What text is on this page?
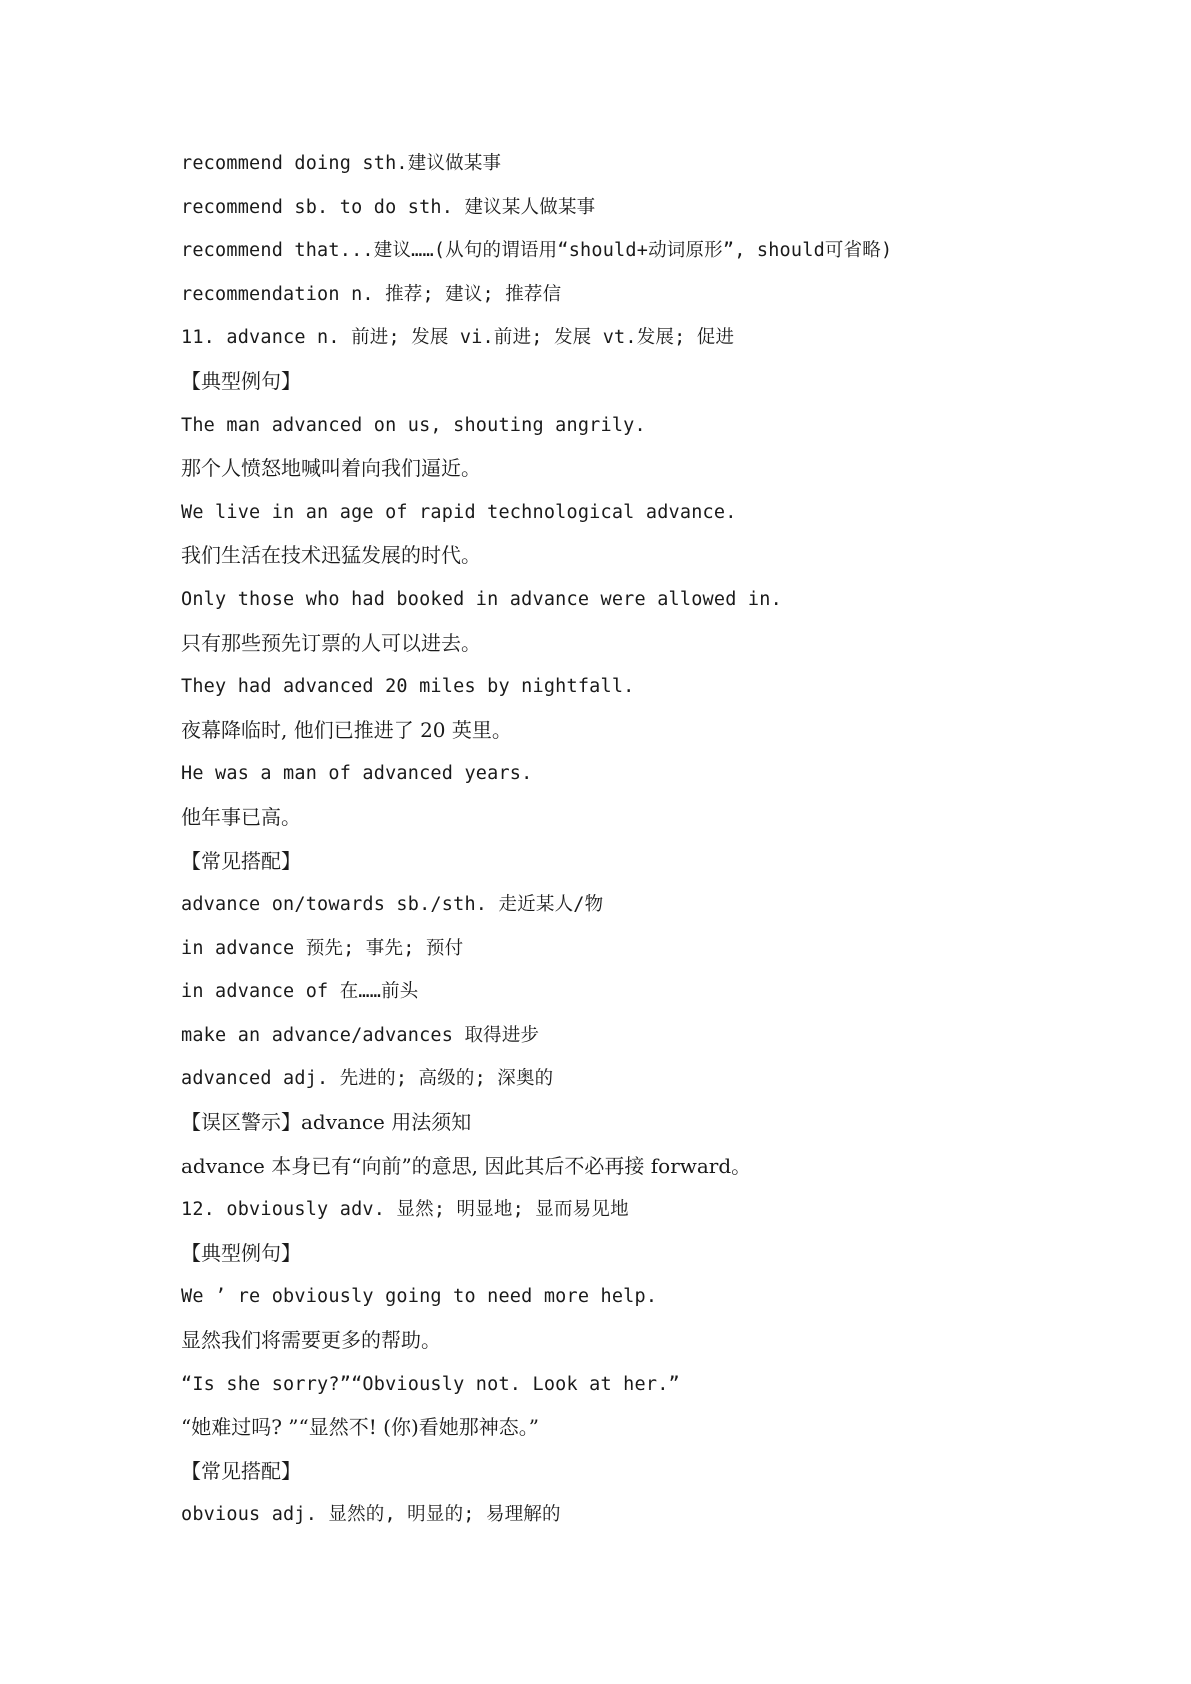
recommend doing sth.建议做某事
recommend sb. to do sth. 建议某人做某事
recommend that...建议……(从句的谓语用“should+动词原形”, should可省略)
recommendation n. 推荐; 建议; 推荐信
11. advance n. 前进; 发展 vi.前进; 发展 vt.发展; 促进
【典型例句】
The man advanced on us, shouting angrily.
那个人愤怒地喊叫着向我们逼近。
We live in an age of rapid technological advance.
我们生活在技术迅猛发展的时代。
Only those who had booked in advance were allowed in.
只有那些预先订票的人可以进去。
They had advanced 20 miles by nightfall.
夜幕降临时, 他们已推进了 20 英里。
He was a man of advanced years.
他年事已高。
【常见搭配】
advance on/towards sb./sth. 走近某人/物
in advance 预先; 事先; 预付
in advance of 在……前头
make an advance/advances 取得进步
advanced adj. 先进的; 高级的; 深奥的
【误区警示】advance 用法须知
advance 本身已有“向前”的意思, 因此其后不必再接 forward。
12. obviously adv. 显然; 明显地; 显而易见地
【典型例句】
We ’ re obviously going to need more help.
显然我们将需要更多的帮助。
“Is she sorry?”“Obviously not. Look at her.”
“她难过吗? ”“显然不! (你)看她那神态。”
【常见搭配】
obvious adj. 显然的, 明显的; 易理解的
